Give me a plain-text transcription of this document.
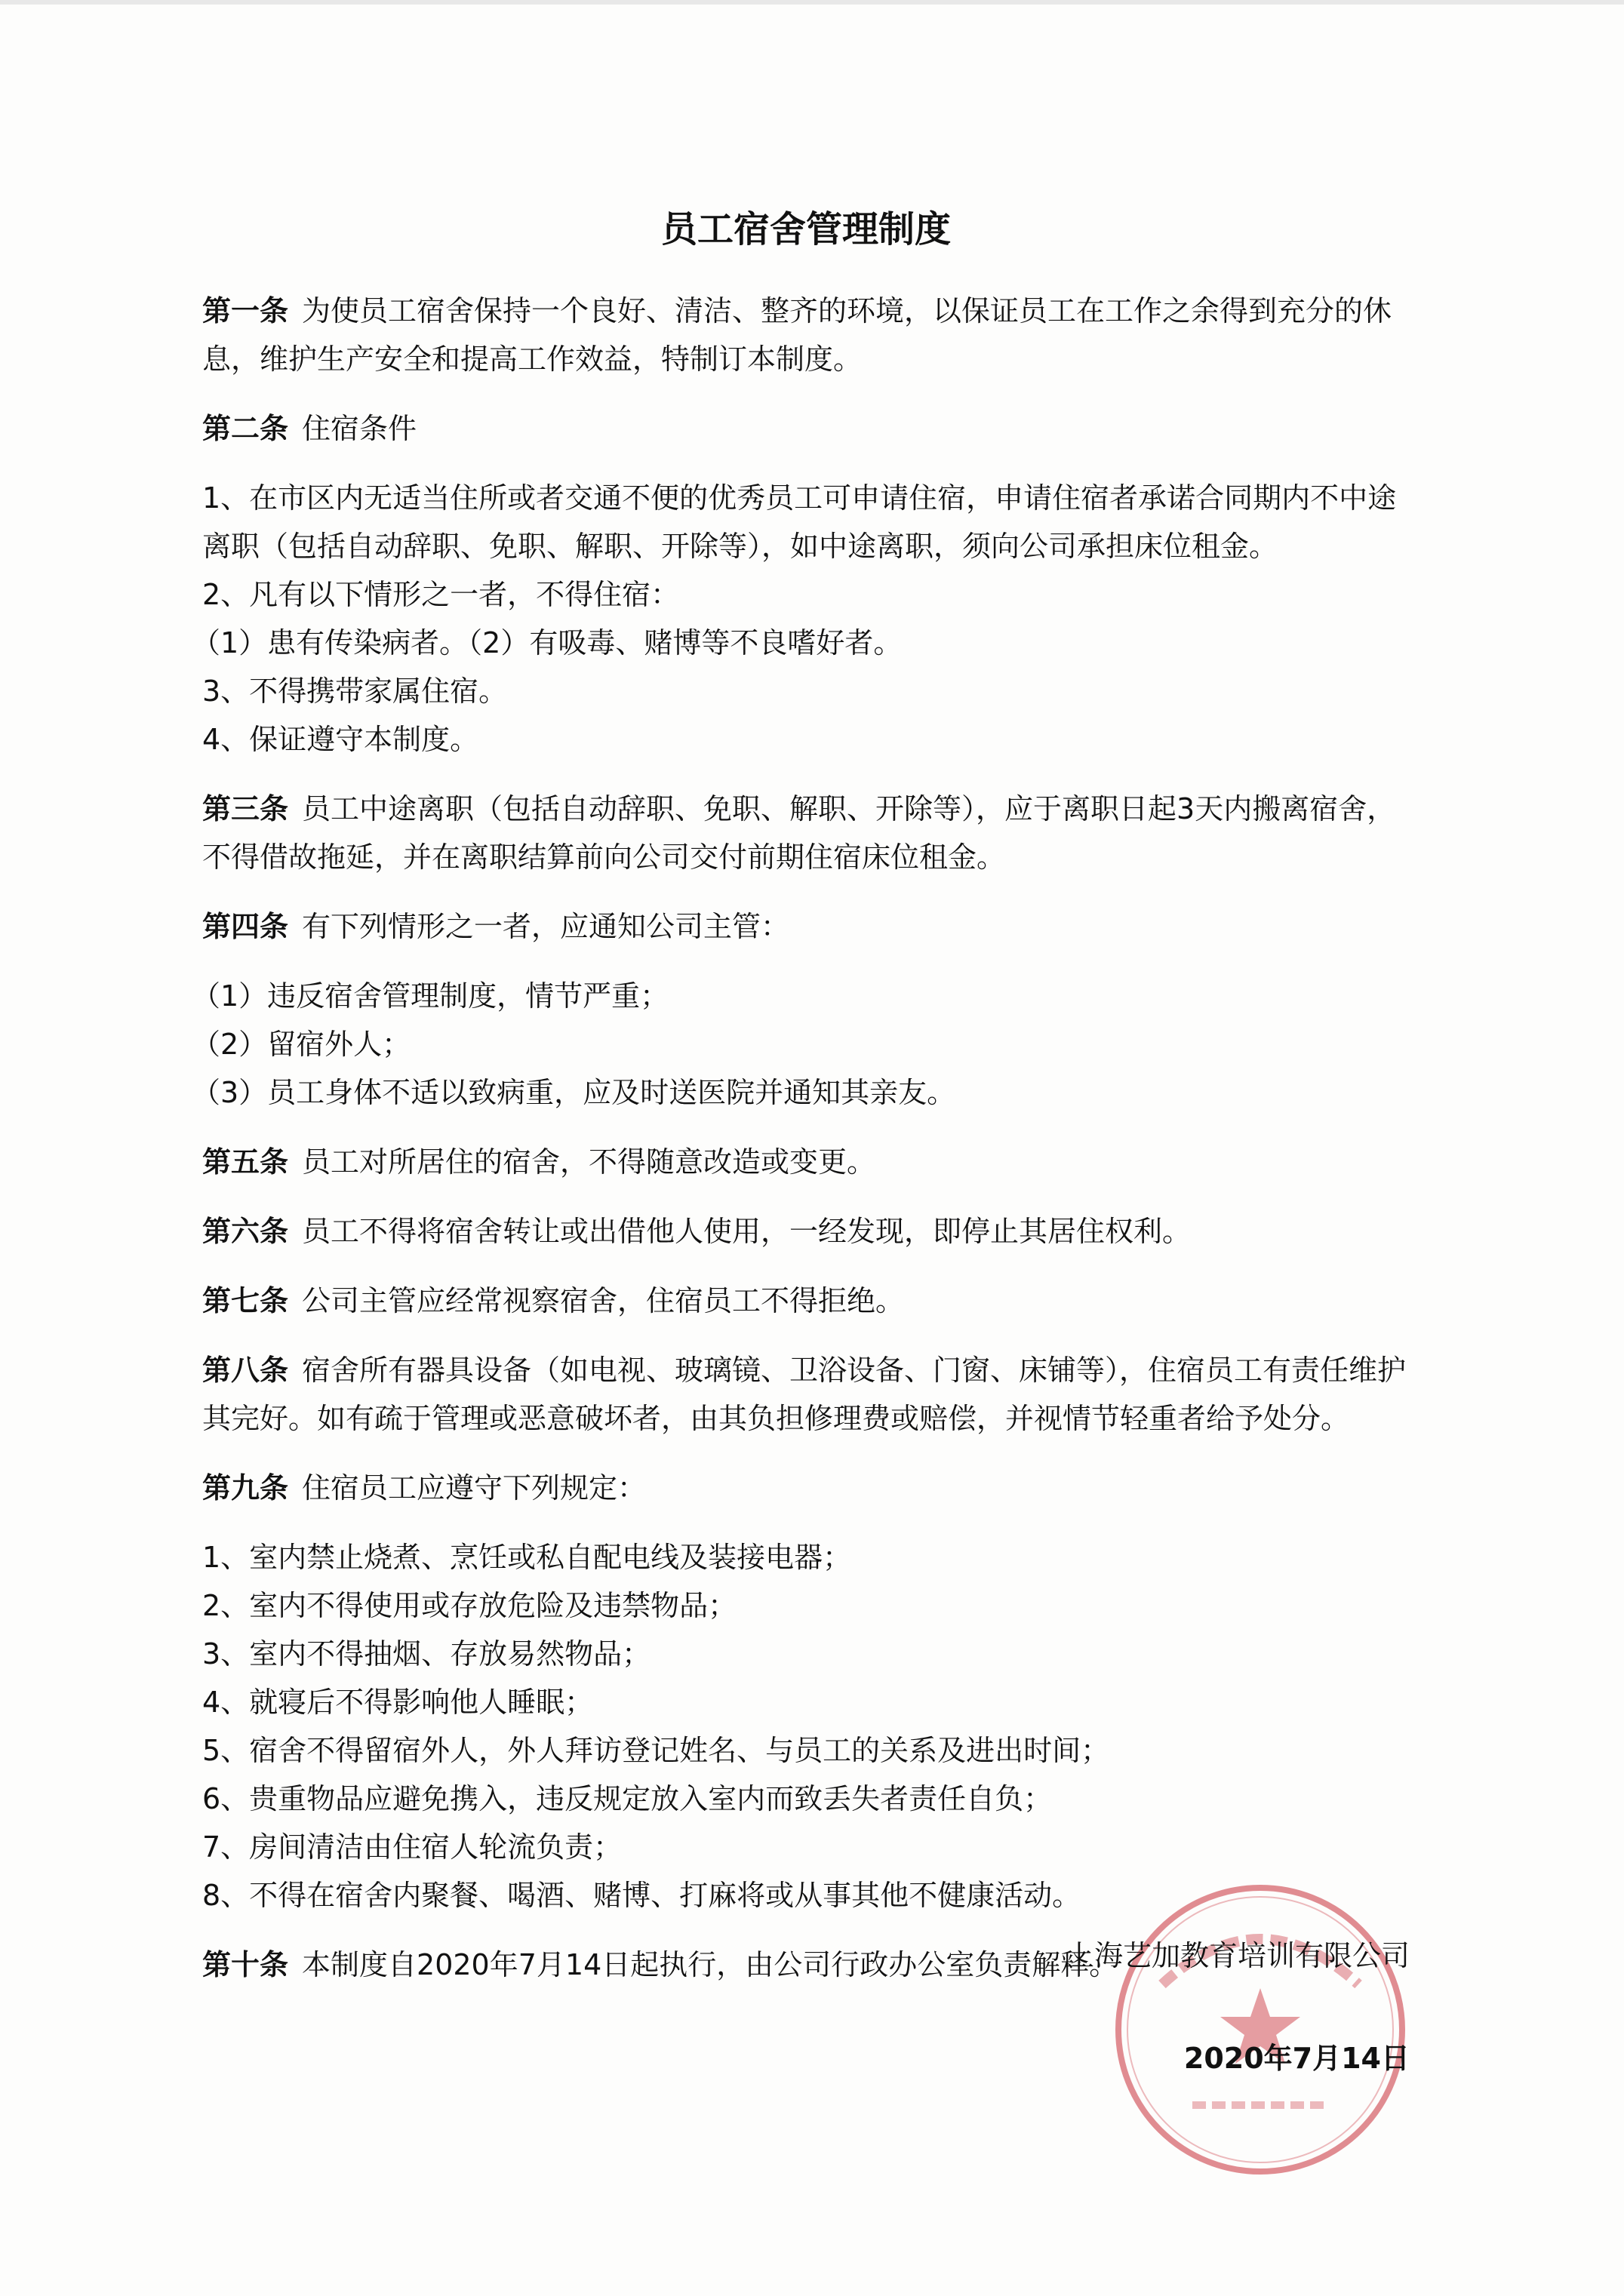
员工宿舍管理制度

第一条 为使员工宿舍保持一个良好、清洁、整齐的环境，以保证员工在工作之余得到充分的休息，维护生产安全和提高工作效益，特制订本制度。

第二条 住宿条件

1、在市区内无适当住所或者交通不便的优秀员工可申请住宿，申请住宿者承诺合同期内不中途离职（包括自动辞职、免职、解职、开除等），如中途离职，须向公司承担床位租金。
2、凡有以下情形之一者，不得住宿：
（1）患有传染病者。（2）有吸毒、赌博等不良嗜好者。
3、不得携带家属住宿。
4、保证遵守本制度。

第三条 员工中途离职（包括自动辞职、免职、解职、开除等），应于离职日起3天内搬离宿舍，不得借故拖延，并在离职结算前向公司交付前期住宿床位租金。

第四条 有下列情形之一者，应通知公司主管：

（1）违反宿舍管理制度，情节严重；
（2）留宿外人；
（3）员工身体不适以致病重，应及时送医院并通知其亲友。

第五条 员工对所居住的宿舍，不得随意改造或变更。

第六条 员工不得将宿舍转让或出借他人使用，一经发现，即停止其居住权利。

第七条 公司主管应经常视察宿舍，住宿员工不得拒绝。

第八条 宿舍所有器具设备（如电视、玻璃镜、卫浴设备、门窗、床铺等），住宿员工有责任维护其完好。如有疏于管理或恶意破坏者，由其负担修理费或赔偿，并视情节轻重者给予处分。

第九条 住宿员工应遵守下列规定：

1、室内禁止烧煮、烹饪或私自配电线及装接电器；
2、室内不得使用或存放危险及违禁物品；
3、室内不得抽烟、存放易然物品；
4、就寝后不得影响他人睡眠；
5、宿舍不得留宿外人，外人拜访登记姓名、与员工的关系及进出时间；
6、贵重物品应避免携入，违反规定放入室内而致丢失者责任自负；
7、房间清洁由住宿人轮流负责；
8、不得在宿舍内聚餐、喝酒、赌博、打麻将或从事其他不健康活动。

第十条 本制度自2020年7月14日起执行，由公司行政办公室负责解释。

上海艺加教育培训有限公司
2020年7月14日
